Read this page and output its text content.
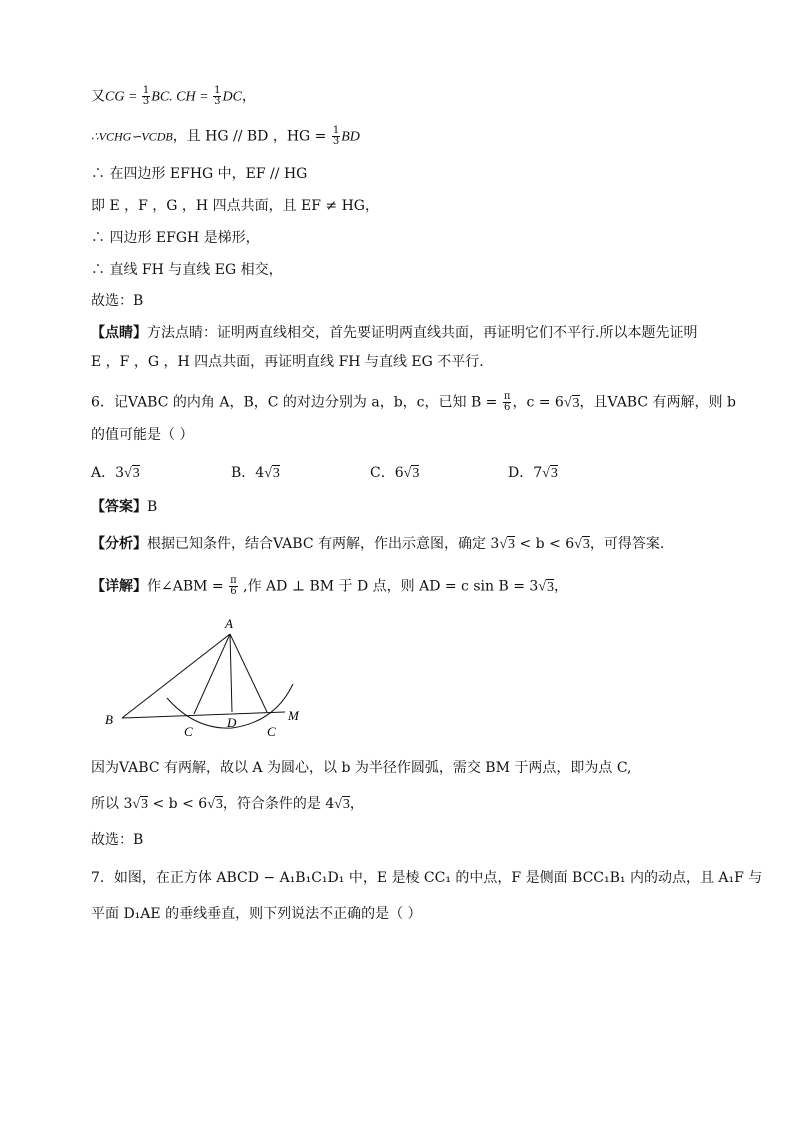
又CG = $\frac{1}{3}$ BC. CH = $\frac{1}{3}$ DC，
∴VCHG∽VCDB，且 HG // BD ，HG = $\frac{1}{3}$ BD
∴ 在四边形 EFHG 中，EF // HG
即 E ，F ，G ，H 四点共面，且 EF ≠ HG，
∴ 四边形 EFGH 是梯形，
∴ 直线 FH 与直线 EG 相交，
故选：B
【点睛】方法点睛：证明两直线相交，首先要证明两直线共面，再证明它们不平行.所以本题先证明
E ，F ，G ，H 四点共面，再证明直线 FH 与直线 EG 不平行.
6．记VABC 的内角 A，B，C 的对边分别为 a，b，c，已知 $B = \frac{\pi}{6}$ ，c = 6√3，且VABC 有两解，则 b
的值可能是（ ）
A．3√3	B．4√3	C．6√3	D．7√3
【答案】B
【分析】根据已知条件，结合VABC 有两解，作出示意图，确定 3√3 < b < 6√3，可得答案.
【详解】作∠ABM = $\frac{\pi}{6}$ ,作 AD ⊥ BM 于 D 点，则 AD = c sin B = 3√3，
A
B
C
D
C
M
因为VABC 有两解，故以 A 为圆心，以 b 为半径作圆弧，需交 BM 于两点，即为点 C,
所以 3√3 < b < 6√3，符合条件的是 4√3，
故选：B
7．如图，在正方体 ABCD − A₁B₁C₁D₁ 中，E 是棱 CC₁ 的中点，F 是侧面 BCC₁B₁ 内的动点，且 A₁F 与
平面 D₁AE 的垂线垂直，则下列说法不正确的是（ ）
